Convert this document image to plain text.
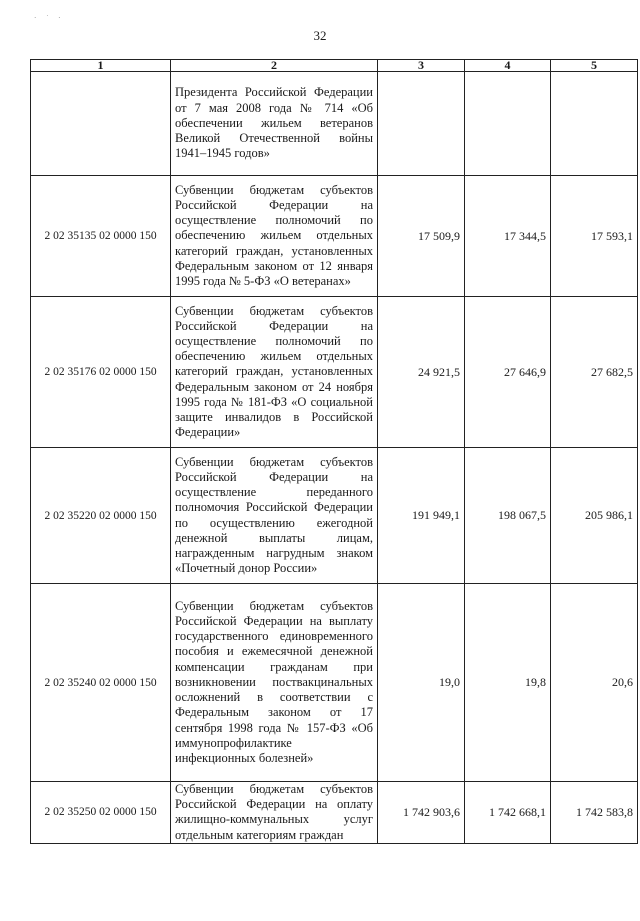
· ˙ ·
32
1	2	3	4	5
	Президента Российской Федерации от 7 мая 2008 года № 714 «Об обеспечении жильем ветеранов Великой Отечественной войны 1941–1945 годов»			
2 02 35135 02 0000 150	Субвенции бюджетам субъектов Российской Федерации на осуществление полномочий по обеспечению жильем отдельных категорий граждан, установленных Федеральным законом от 12 января 1995 года № 5-ФЗ «О ветеранах»	17 509,9	17 344,5	17 593,1
2 02 35176 02 0000 150	Субвенции бюджетам субъектов Российской Федерации на осуществление полномочий по обеспечению жильем отдельных категорий граждан, установленных Федеральным законом от 24 ноября 1995 года № 181-ФЗ «О социальной защите инвалидов в Российской Федерации»	24 921,5	27 646,9	27 682,5
2 02 35220 02 0000 150	Субвенции бюджетам субъектов Российской Федерации на осуществление переданного полномочия Российской Федерации по осуществлению ежегодной денежной выплаты лицам, награжденным нагрудным знаком «Почетный донор России»	191 949,1	198 067,5	205 986,1
2 02 35240 02 0000 150	Субвенции бюджетам субъектов Российской Федерации на выплату государственного единовременного пособия и ежемесячной денежной компенсации гражданам при возникновении поствакцинальных осложнений в соответствии с Федеральным законом от 17 сентября 1998 года № 157-ФЗ «Об иммунопрофилактике инфекционных болезней»	19,0	19,8	20,6
2 02 35250 02 0000 150	Субвенции бюджетам субъектов Российской Федерации на оплату жилищно-коммунальных услуг отдельным категориям граждан	1 742 903,6	1 742 668,1	1 742 583,8
